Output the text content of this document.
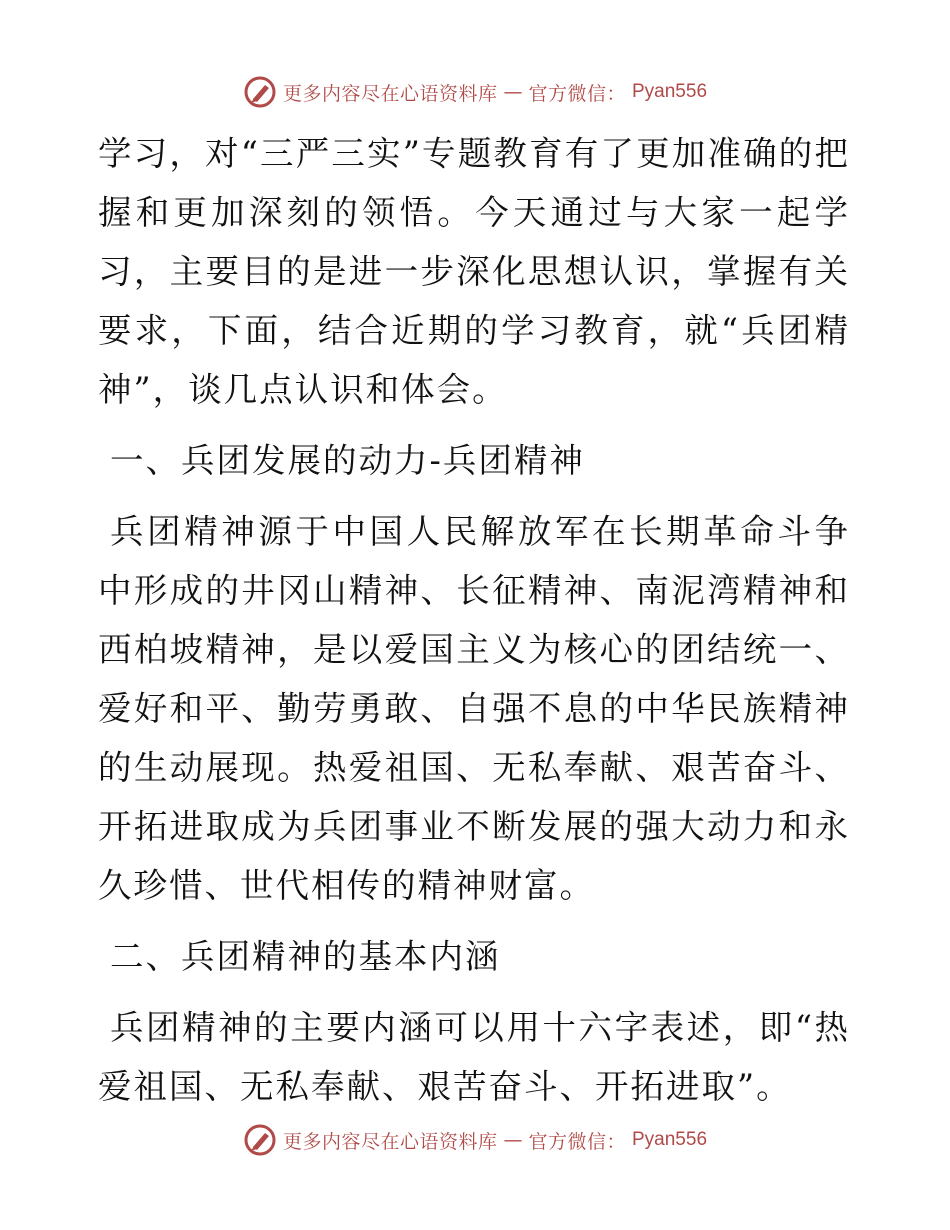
更多内容尽在心语资料库 — 官方微信： Pyan556

学习，对“三严三实”专题教育有了更加准确的把握和更加深刻的领悟。今天通过与大家一起学习，主要目的是进一步深化思想认识，掌握有关要求，下面，结合近期的学习教育，就“兵团精神”，谈几点认识和体会。

一、兵团发展的动力-兵团精神

兵团精神源于中国人民解放军在长期革命斗争中形成的井冈山精神、长征精神、南泥湾精神和西柏坡精神，是以爱国主义为核心的团结统一、爱好和平、勤劳勇敢、自强不息的中华民族精神的生动展现。热爱祖国、无私奉献、艰苦奋斗、开拓进取成为兵团事业不断发展的强大动力和永久珍惜、世代相传的精神财富。

二、兵团精神的基本内涵

兵团精神的主要内涵可以用十六字表述，即“热爱祖国、无私奉献、艰苦奋斗、开拓进取”。

更多内容尽在心语资料库 — 官方微信： Pyan556
